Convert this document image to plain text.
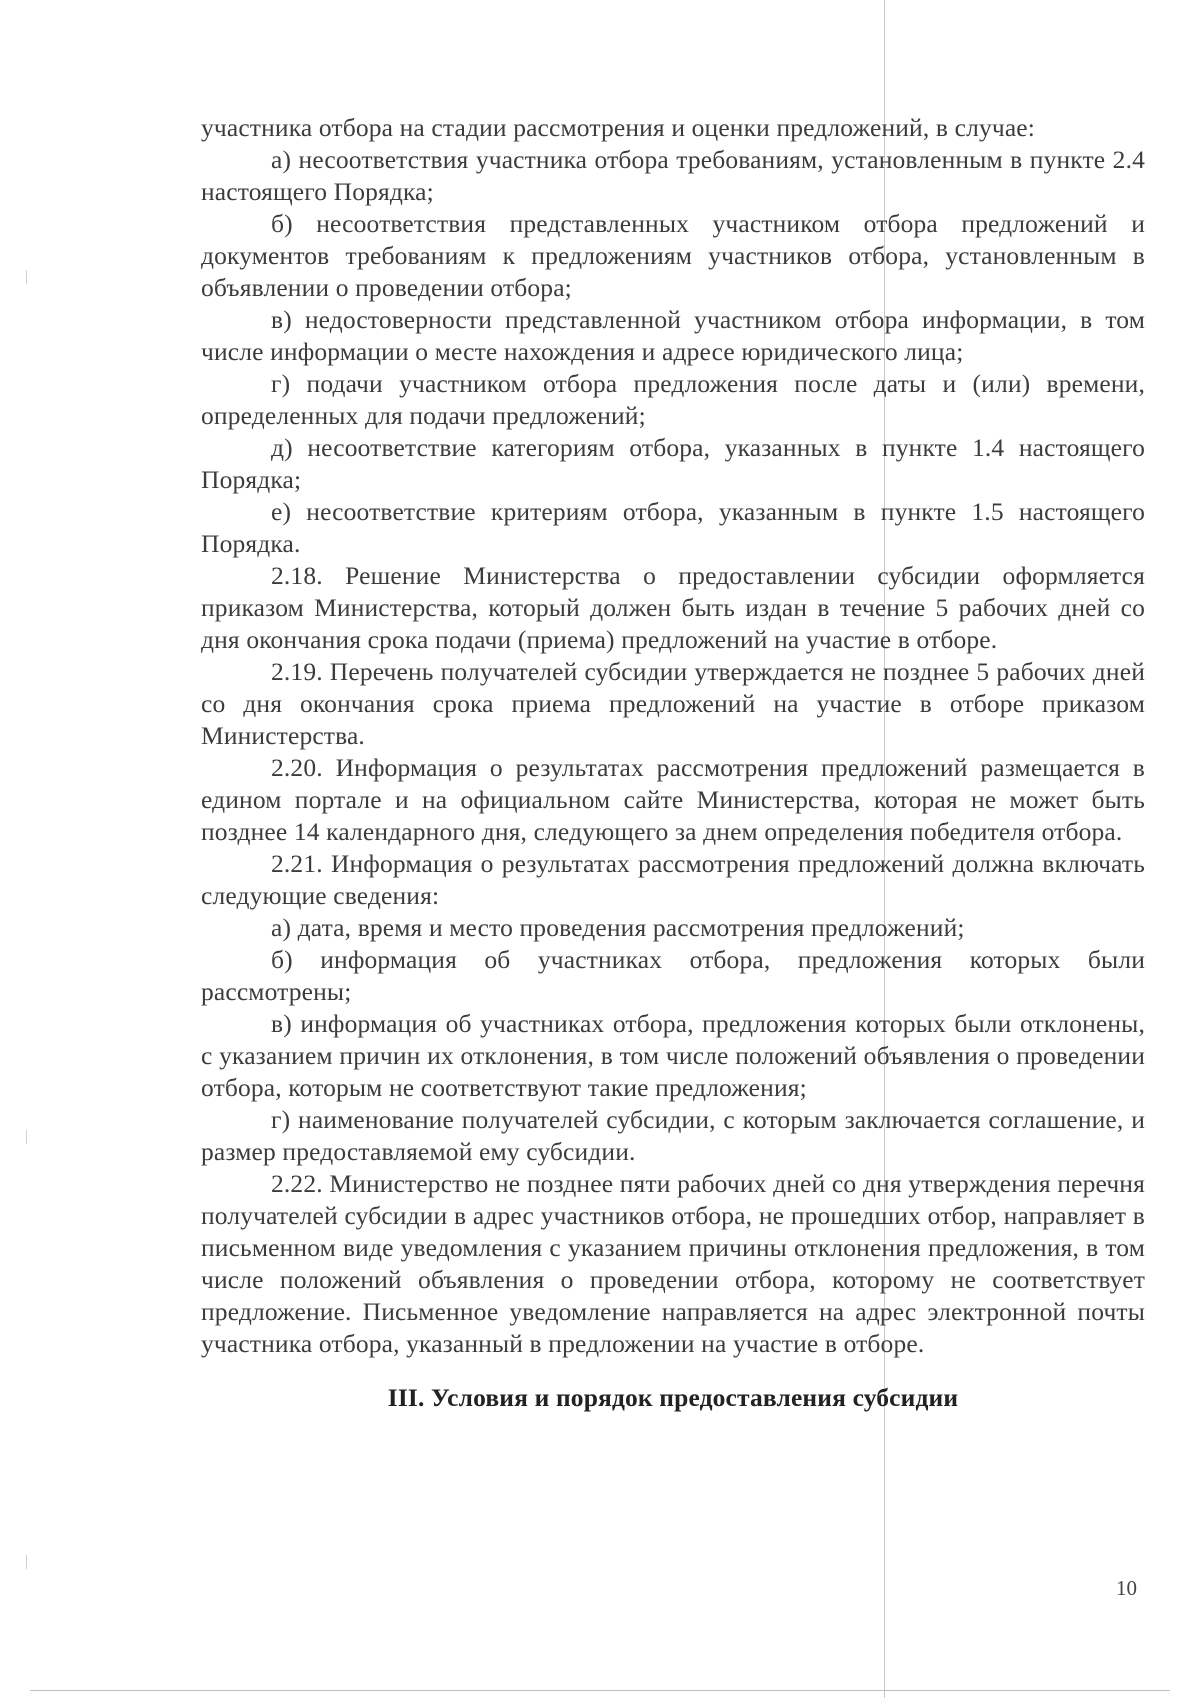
участника отбора на стадии рассмотрения и оценки предложений, в случае:

а) несоответствия участника отбора требованиям, установленным в пункте 2.4 настоящего Порядка;

б) несоответствия представленных участником отбора предложений и документов требованиям к предложениям участников отбора, установленным в объявлении о проведении отбора;

в) недостоверности представленной участником отбора информации, в том числе информации о месте нахождения и адресе юридического лица;

г) подачи участником отбора предложения после даты и (или) времени, определенных для подачи предложений;

д) несоответствие категориям отбора, указанных в пункте 1.4 настоящего Порядка;

е) несоответствие критериям отбора, указанным в пункте 1.5 настоящего Порядка.

2.18. Решение Министерства о предоставлении субсидии оформляется приказом Министерства, который должен быть издан в течение 5 рабочих дней со дня окончания срока подачи (приема) предложений на участие в отборе.

2.19. Перечень получателей субсидии утверждается не позднее 5 рабочих дней со дня окончания срока приема предложений на участие в отборе приказом Министерства.

2.20. Информация о результатах рассмотрения предложений размещается в едином портале и на официальном сайте Министерства, которая не может быть позднее 14 календарного дня, следующего за днем определения победителя отбора.

2.21. Информация о результатах рассмотрения предложений должна включать следующие сведения:

а) дата, время и место проведения рассмотрения предложений;

б) информация об участниках отбора, предложения которых были рассмотрены;

в) информация об участниках отбора, предложения которых были отклонены, с указанием причин их отклонения, в том числе положений объявления о проведении отбора, которым не соответствуют такие предложения;

г) наименование получателей субсидии, с которым заключается соглашение, и размер предоставляемой ему субсидии.

2.22. Министерство не позднее пяти рабочих дней со дня утверждения перечня получателей субсидии в адрес участников отбора, не прошедших отбор, направляет в письменном виде уведомления с указанием причины отклонения предложения, в том числе положений объявления о проведении отбора, которому не соответствует предложение. Письменное уведомление направляется на адрес электронной почты участника отбора, указанный в предложении на участие в отборе.

III. Условия и порядок предоставления субсидии

10
